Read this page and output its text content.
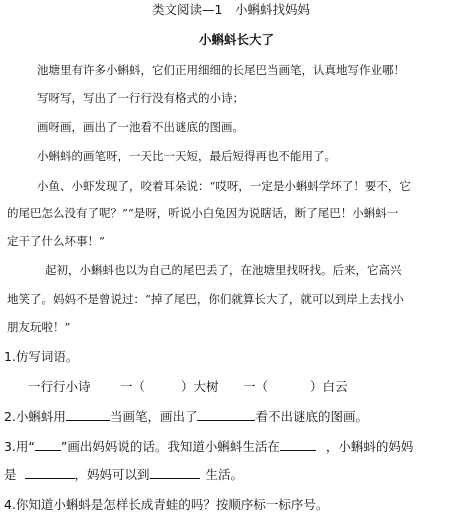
类文阅读—1　小蝌蚪找妈妈
小蝌蚪长大了
池塘里有许多小蝌蚪，它们正用细细的长尾巴当画笔，认真地写作业哪！
写呀写，写出了一行行没有格式的小诗；
画呀画，画出了一池看不出谜底的图画。
小蝌蚪的画笔呀，一天比一天短，最后短得再也不能用了。
小鱼、小虾发现了，咬着耳朵说：“哎呀，一定是小蝌蚪学坏了！要不，它
的尾巴怎么没有了呢？”“是呀，听说小白兔因为说瞎话，断了尾巴！小蝌蚪一
定干了什么坏事！”
起初，小蝌蚪也以为自己的尾巴丢了，在池塘里找呀找。后来，它高兴
地笑了。妈妈不是曾说过：“掉了尾巴，你们就算长大了，就可以到岸上去找小
朋友玩啦！”
1.仿写词语。
一行行小诗 一（	）大树 一（	）白云
2.小蝌蚪用	当画笔，画出了	看不出谜底的图画。
3.用“ ”画出妈妈说的话。我知道小蝌蚪生活在	，小蝌蚪的妈妈
是	，妈妈可以到	生活。
4.你知道小蝌蚪是怎样长成青蛙的吗？按顺序标一标序号。
